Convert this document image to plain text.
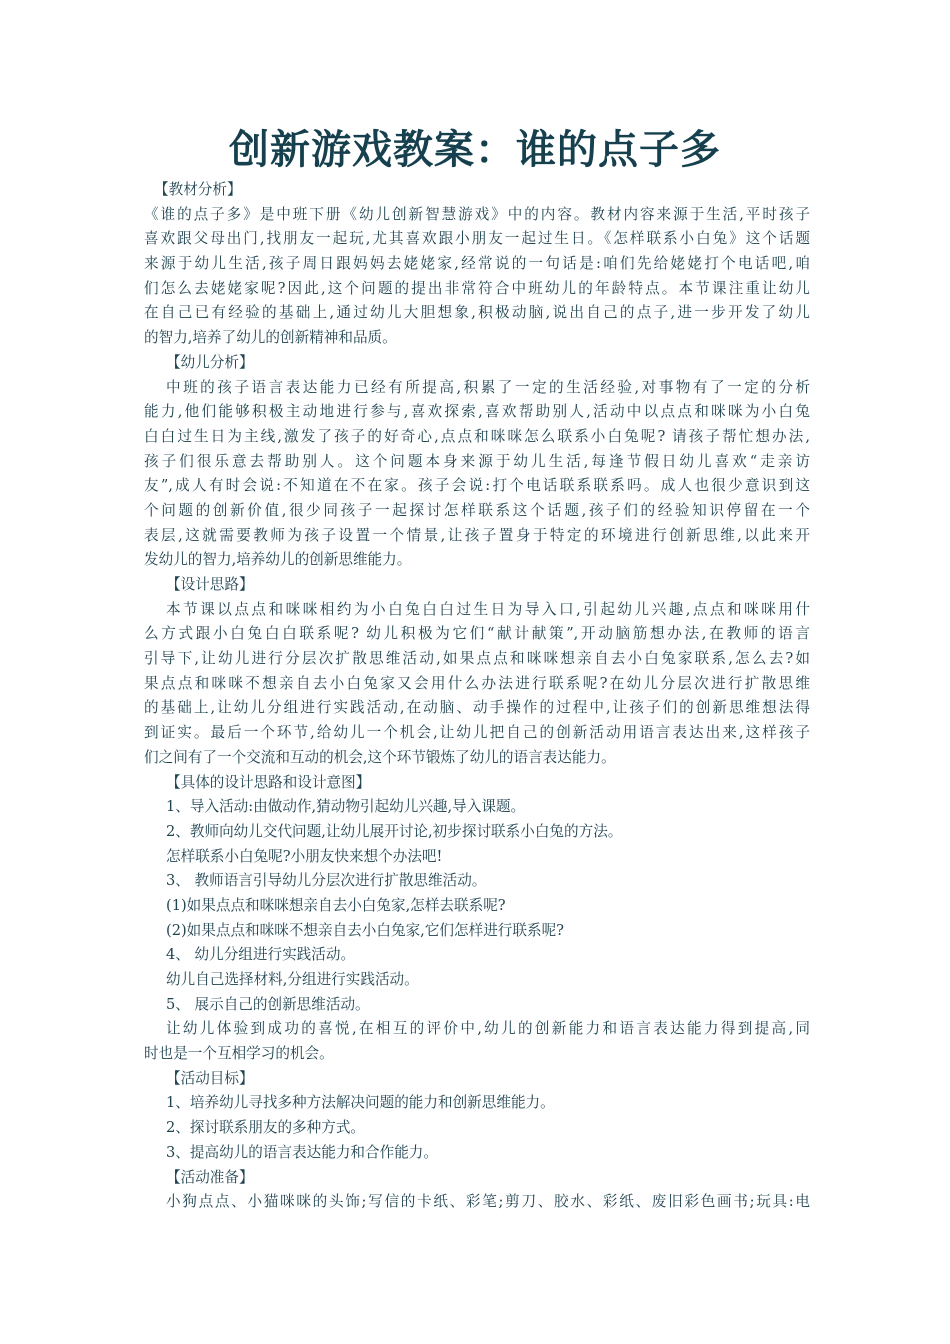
创新游戏教案：谁的点子多
【教材分析】
《谁的点子多》是中班下册《幼儿创新智慧游戏》中的内容。教材内容来源于生活,平时孩子
喜欢跟父母出门,找朋友一起玩,尤其喜欢跟小朋友一起过生日。《怎样联系小白兔》这个话题
来源于幼儿生活,孩子周日跟妈妈去姥姥家,经常说的一句话是:咱们先给姥姥打个电话吧,咱
们怎么去姥姥家呢?因此,这个问题的提出非常符合中班幼儿的年龄特点。本节课注重让幼儿
在自己已有经验的基础上,通过幼儿大胆想象,积极动脑,说出自己的点子,进一步开发了幼儿
的智力,培养了幼儿的创新精神和品质。
【幼儿分析】
中班的孩子语言表达能力已经有所提高,积累了一定的生活经验,对事物有了一定的分析
能力,他们能够积极主动地进行参与,喜欢探索,喜欢帮助别人,活动中以点点和咪咪为小白兔
白白过生日为主线,激发了孩子的好奇心,点点和咪咪怎么联系小白兔呢? 请孩子帮忙想办法,
孩子们很乐意去帮助别人。这个问题本身来源于幼儿生活,每逢节假日幼儿喜欢“走亲访
友”,成人有时会说:不知道在不在家。孩子会说:打个电话联系联系吗。成人也很少意识到这
个问题的创新价值,很少同孩子一起探讨怎样联系这个话题,孩子们的经验知识停留在一个
表层,这就需要教师为孩子设置一个情景,让孩子置身于特定的环境进行创新思维,以此来开
发幼儿的智力,培养幼儿的创新思维能力。
【设计思路】
本节课以点点和咪咪相约为小白兔白白过生日为导入口,引起幼儿兴趣,点点和咪咪用什
么方式跟小白兔白白联系呢? 幼儿积极为它们“献计献策”,开动脑筋想办法,在教师的语言
引导下,让幼儿进行分层次扩散思维活动,如果点点和咪咪想亲自去小白兔家联系,怎么去?如
果点点和咪咪不想亲自去小白兔家又会用什么办法进行联系呢?在幼儿分层次进行扩散思维
的基础上,让幼儿分组进行实践活动,在动脑、动手操作的过程中,让孩子们的创新思维想法得
到证实。最后一个环节,给幼儿一个机会,让幼儿把自己的创新活动用语言表达出来,这样孩子
们之间有了一个交流和互动的机会,这个环节锻炼了幼儿的语言表达能力。
【具体的设计思路和设计意图】
1、导入活动:由做动作,猜动物引起幼儿兴趣,导入课题。
2、教师向幼儿交代问题,让幼儿展开讨论,初步探讨联系小白兔的方法。
怎样联系小白兔呢?小朋友快来想个办法吧!
3、 教师语言引导幼儿分层次进行扩散思维活动。
(1)如果点点和咪咪想亲自去小白兔家,怎样去联系呢?
(2)如果点点和咪咪不想亲自去小白兔家,它们怎样进行联系呢?
4、 幼儿分组进行实践活动。
幼儿自己选择材料,分组进行实践活动。
5、 展示自己的创新思维活动。
让幼儿体验到成功的喜悦,在相互的评价中,幼儿的创新能力和语言表达能力得到提高,同
时也是一个互相学习的机会。
【活动目标】
1、培养幼儿寻找多种方法解决问题的能力和创新思维能力。
2、探讨联系朋友的多种方式。
3、提高幼儿的语言表达能力和合作能力。
【活动准备】
小狗点点、小猫咪咪的头饰;写信的卡纸、彩笔;剪刀、胶水、彩纸、废旧彩色画书;玩具:电
